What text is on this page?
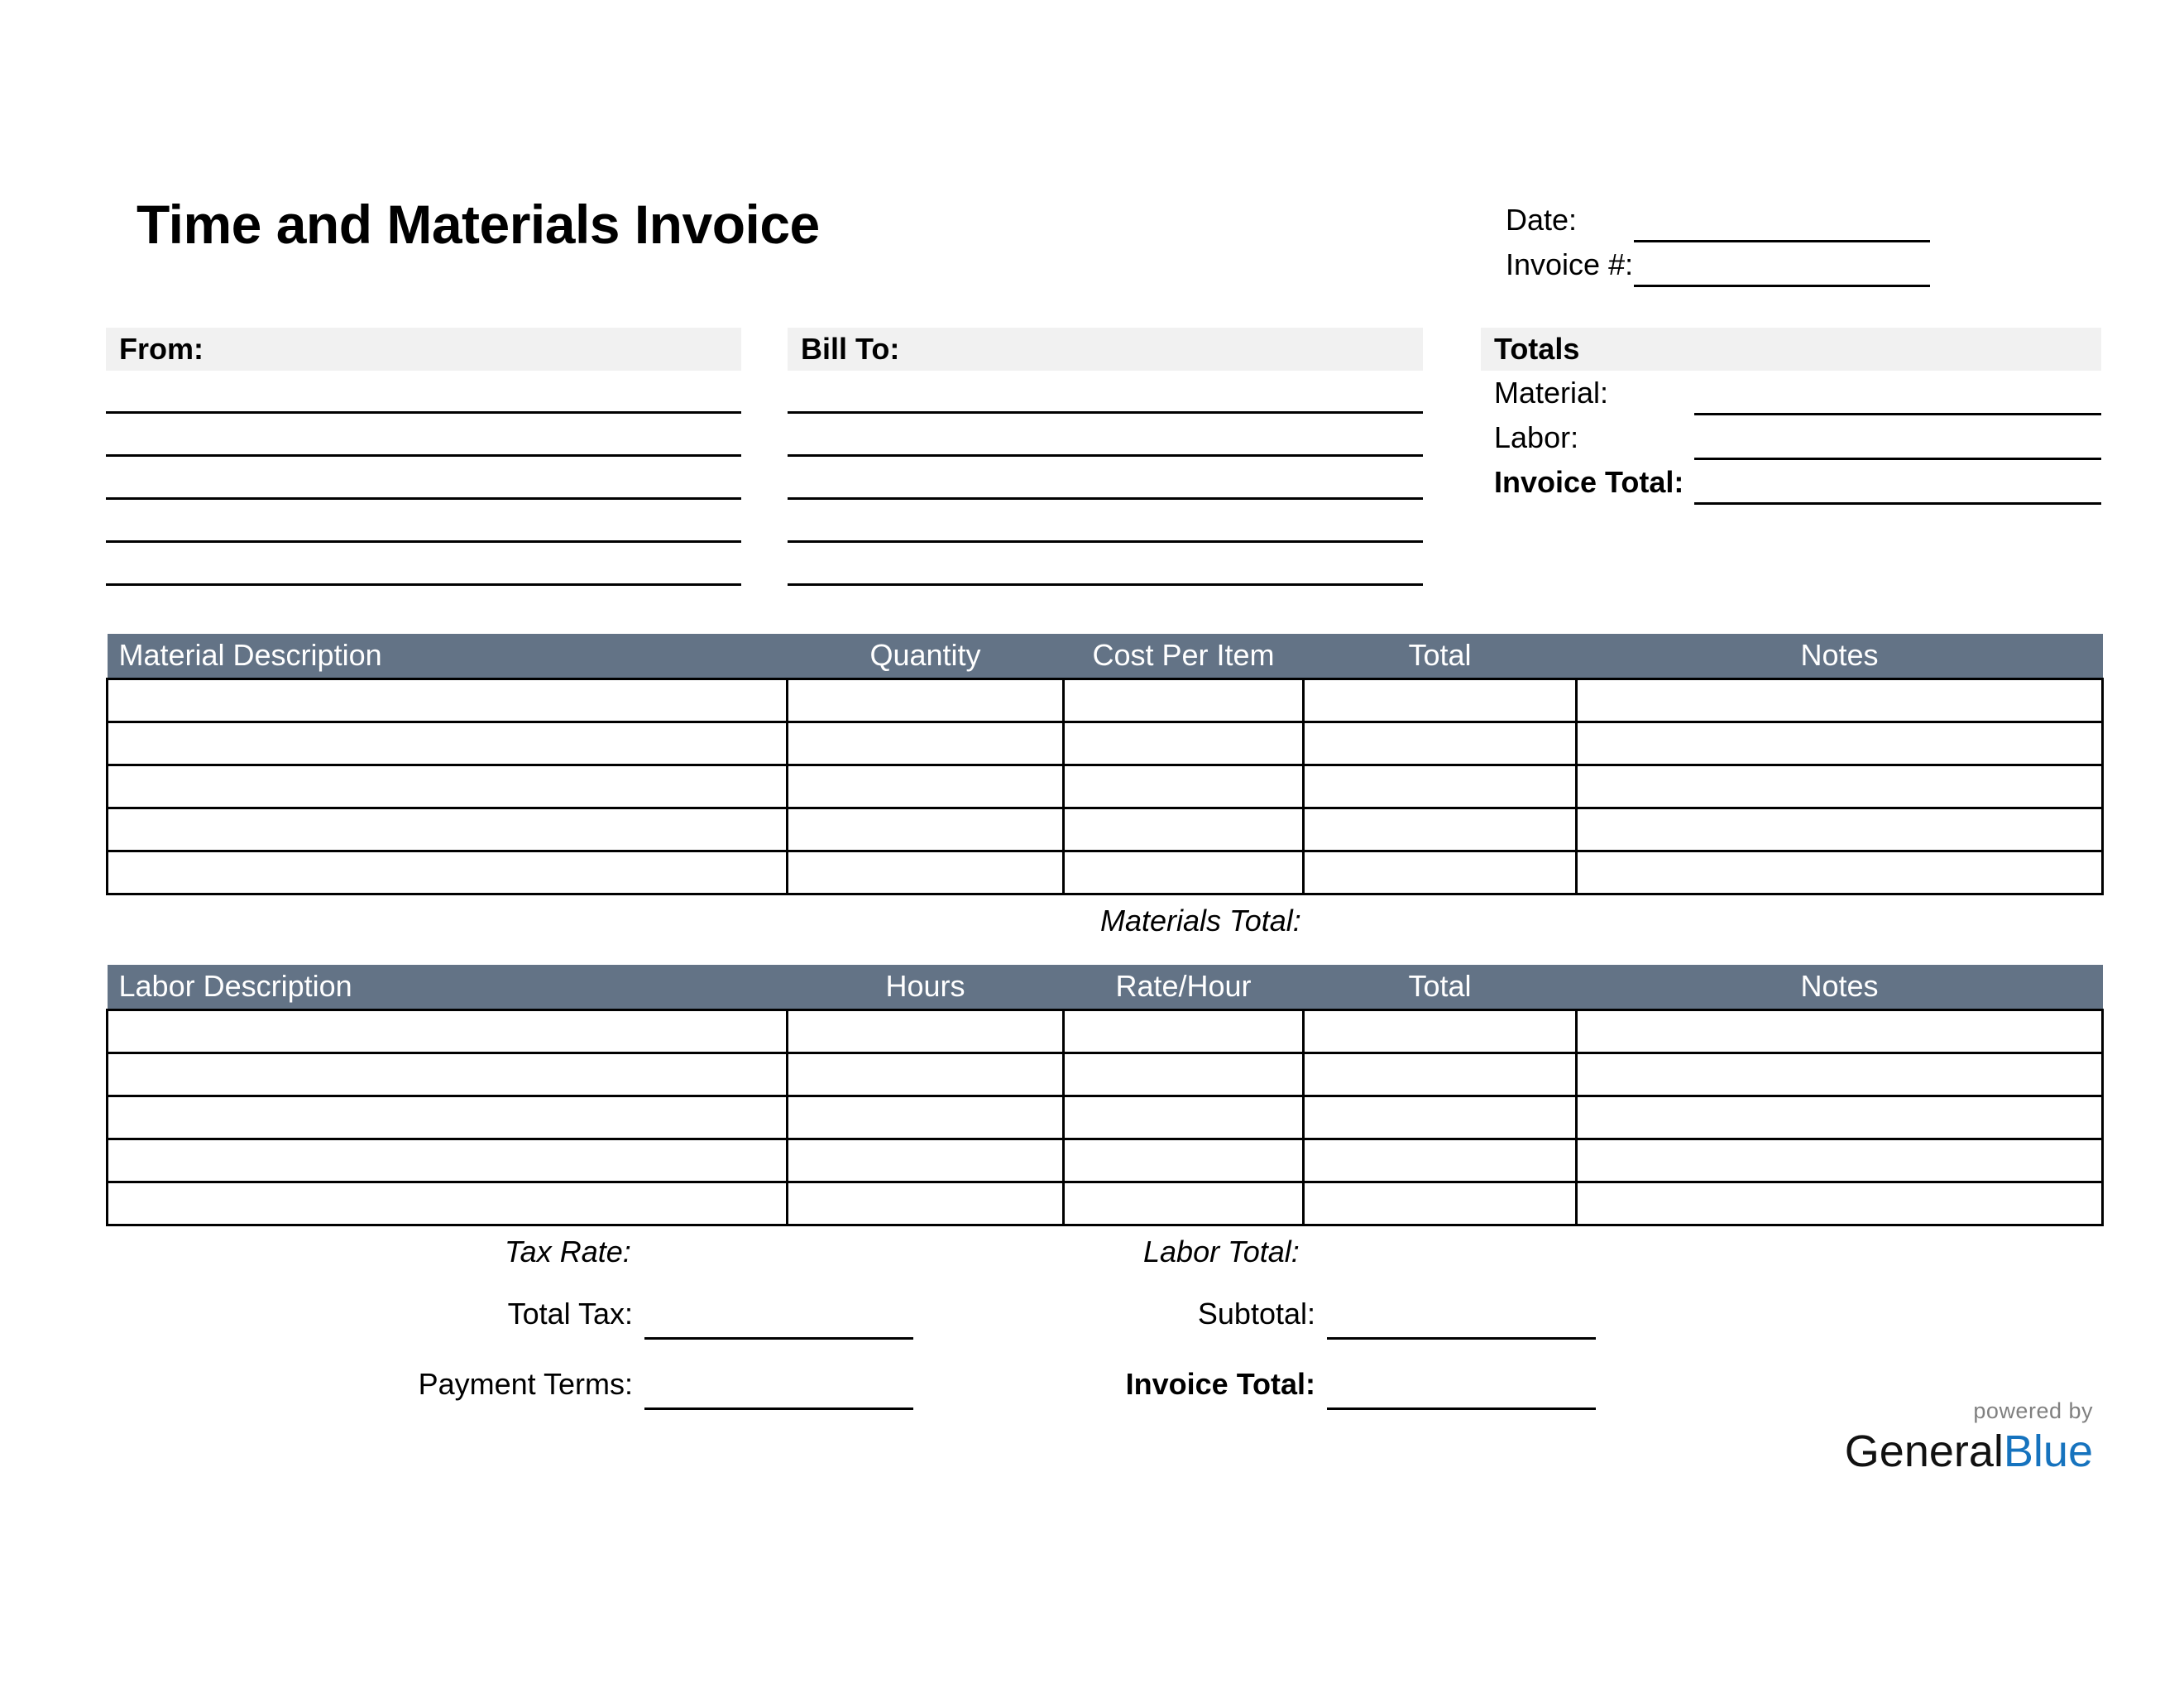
Time and Materials Invoice	Date:
Invoice #:
From:	Bill To:	Totals
Material:
Labor:
Invoice Total:
Material Description	Quantity	Cost Per Item	Total	Notes

Materials Total:
Labor Description	Hours	Rate/Hour	Total	Notes

Tax Rate:	Labor Total:
Total Tax:
Payment Terms:
Subtotal:
Invoice Total:
powered by
GeneralBlue
